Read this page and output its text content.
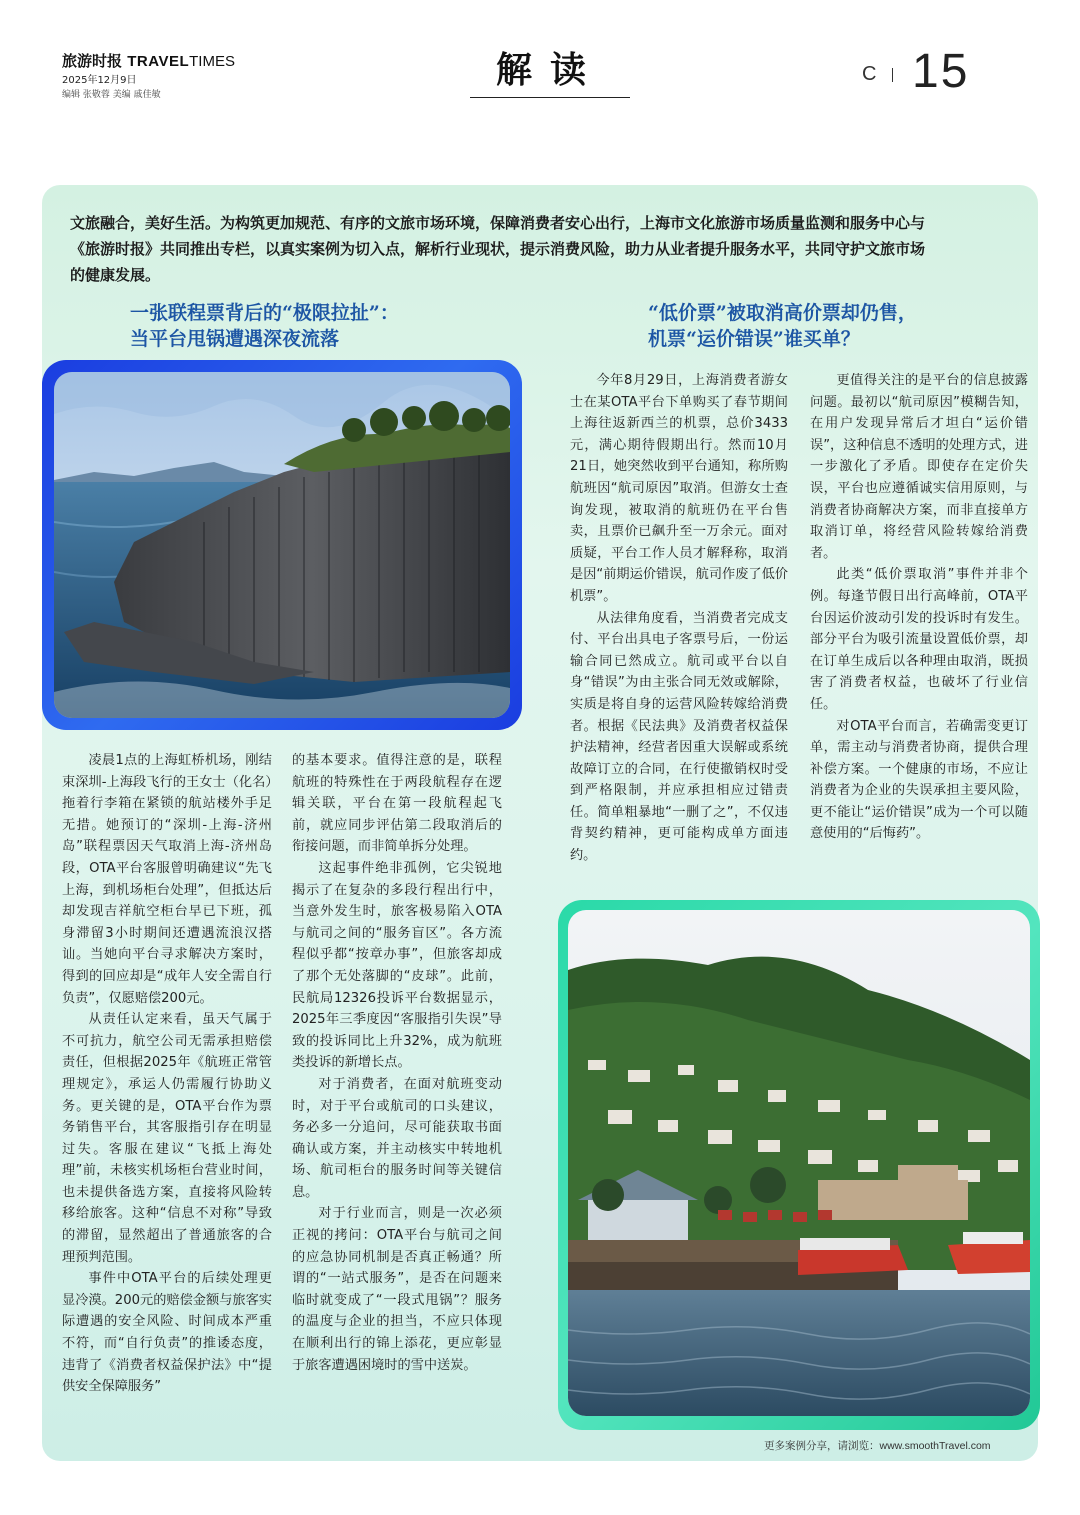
旅游时报 TRAVELTIMES
2025年12月9日
编辑 张敬蓉 美编 戚佳敏
解读	C 15
文旅融合，美好生活。为构筑更加规范、有序的文旅市场环境，保障消费者安心出行，上海市文化旅游市场质量监测和服务中心与《旅游时报》共同推出专栏，以真实案例为切入点，解析行业现状，提示消费风险，助力从业者提升服务水平，共同守护文旅市场的健康发展。
一张联程票背后的“极限拉扯”：
当平台甩锅遭遇深夜流落
“低价票”被取消高价票却仍售，
机票“运价错误”谁买单？

凌晨1点的上海虹桥机场，刚结束深圳-上海段飞行的王女士（化名）拖着行李箱在紧锁的航站楼外手足无措。她预订的“深圳-上海-济州岛”联程票因天气取消上海-济州岛段，OTA平台客服曾明确建议“先飞上海，到机场柜台处理”，但抵达后却发现吉祥航空柜台早已下班，孤身滞留3小时期间还遭遇流浪汉搭讪。当她向平台寻求解决方案时，得到的回应却是“成年人安全需自行负责”，仅愿赔偿200元。

从责任认定来看，虽天气属于不可抗力，航空公司无需承担赔偿责任，但根据2025年《航班正常管理规定》，承运人仍需履行协助义务。更关键的是，OTA平台作为票务销售平台，其客服指引存在明显过失。客服在建议“飞抵上海处理”前，未核实机场柜台营业时间，也未提供备选方案，直接将风险转移给旅客。这种“信息不对称”导致的滞留，显然超出了普通旅客的合理预判范围。

事件中OTA平台的后续处理更显冷漠。200元的赔偿金额与旅客实际遭遇的安全风险、时间成本严重不符，而“自行负责”的推诿态度，违背了《消费者权益保护法》中“提供安全保障服务”

的基本要求。值得注意的是，联程航班的特殊性在于两段航程存在逻辑关联，平台在第一段航程起飞前，就应同步评估第二段取消后的衔接问题，而非简单拆分处理。

这起事件绝非孤例，它尖锐地揭示了在复杂的多段行程出行中，当意外发生时，旅客极易陷入OTA与航司之间的“服务盲区”。各方流程似乎都“按章办事”，但旅客却成了那个无处落脚的“皮球”。此前，民航局12326投诉平台数据显示，2025年三季度因“客服指引失误”导致的投诉同比上升32%，成为航班类投诉的新增长点。

对于消费者，在面对航班变动时，对于平台或航司的口头建议，务必多一分追问，尽可能获取书面确认或方案，并主动核实中转地机场、航司柜台的服务时间等关键信息。

对于行业而言，则是一次必须正视的拷问：OTA平台与航司之间的应急协同机制是否真正畅通？所谓的“一站式服务”，是否在问题来临时就变成了“一段式甩锅”？服务的温度与企业的担当，不应只体现在顺利出行的锦上添花，更应彰显于旅客遭遇困境时的雪中送炭。

今年8月29日，上海消费者游女士在某OTA平台下单购买了春节期间上海往返新西兰的机票，总价3433元，满心期待假期出行。然而10月21日，她突然收到平台通知，称所购航班因“航司原因”取消。但游女士查询发现，被取消的航班仍在平台售卖，且票价已飙升至一万余元。面对质疑，平台工作人员才解释称，取消是因“前期运价错误，航司作废了低价机票”。

从法律角度看，当消费者完成支付、平台出具电子客票号后，一份运输合同已然成立。航司或平台以自身“错误”为由主张合同无效或解除，实质是将自身的运营风险转嫁给消费者。根据《民法典》及消费者权益保护法精神，经营者因重大误解或系统故障订立的合同，在行使撤销权时受到严格限制，并应承担相应过错责任。简单粗暴地“一删了之”，不仅违背契约精神，更可能构成单方面违约。

更值得关注的是平台的信息披露问题。最初以“航司原因”模糊告知，在用户发现异常后才坦白“运价错误”，这种信息不透明的处理方式，进一步激化了矛盾。即使存在定价失误，平台也应遵循诚实信用原则，与消费者协商解决方案，而非直接单方取消订单，将经营风险转嫁给消费者。

此类“低价票取消”事件并非个例。每逢节假日出行高峰前，OTA平台因运价波动引发的投诉时有发生。部分平台为吸引流量设置低价票，却在订单生成后以各种理由取消，既损害了消费者权益，也破坏了行业信任。

对OTA平台而言，若确需变更订单，需主动与消费者协商，提供合理补偿方案。一个健康的市场，不应让消费者为企业的失误承担主要风险，更不能让“运价错误”成为一个可以随意使用的“后悔药”。

更多案例分享，请浏览：www.smoothTravel.com
